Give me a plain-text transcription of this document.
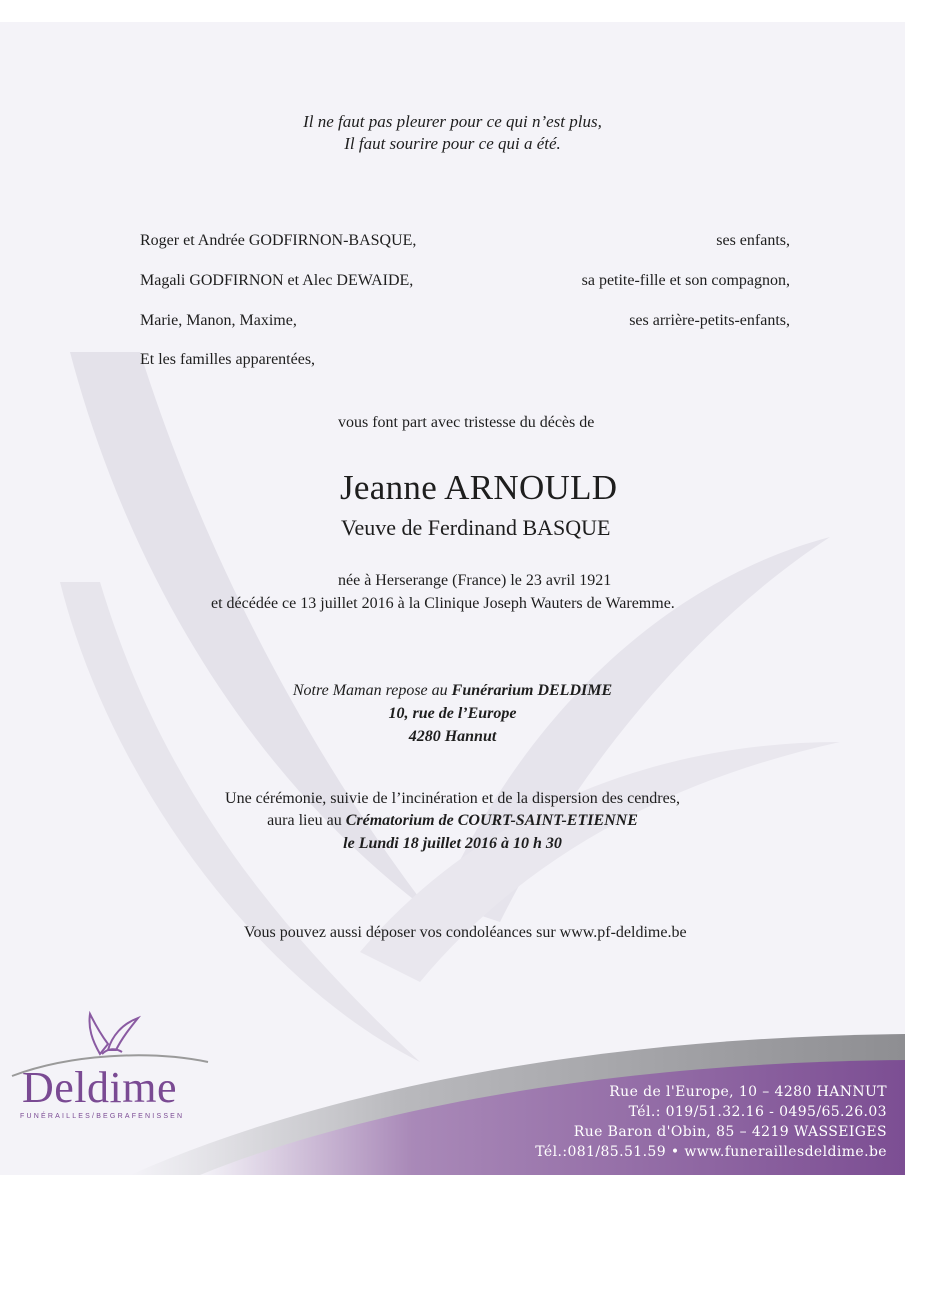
Il ne faut pas pleurer pour ce qui n’est plus,
Il faut sourire pour ce qui a été.
Roger et Andrée GODFIRNON-BASQUE,	ses enfants,
Magali GODFIRNON et Alec DEWAIDE,	sa petite-fille et son compagnon,
Marie, Manon, Maxime,	ses arrière-petits-enfants,
Et les familles apparentées,
vous font part avec tristesse du décès de
Jeanne ARNOULD
Veuve de Ferdinand BASQUE
née à Herserange (France) le 23 avril 1921
et décédée ce 13 juillet 2016 à la Clinique Joseph Wauters de Waremme.
Notre Maman repose au Funérarium DELDIME
10, rue de l’Europe
4280 Hannut
Une cérémonie, suivie de l’incinération et de la dispersion des cendres,
aura lieu au Crématorium de COURT-SAINT-ETIENNE
le Lundi 18 juillet 2016 à 10 h 30
Vous pouvez aussi déposer vos condoléances sur www.pf-deldime.be
Rue de l'Europe, 10 – 4280 HANNUT
Tél.: 019/51.32.16 - 0495/65.26.03
Rue Baron d'Obin, 85 – 4219 WASSEIGES
Tél.:081/85.51.59 • www.funeraillesdeldime.be
Deldime
FUNÉRAILLES/BEGRAFENISSEN
